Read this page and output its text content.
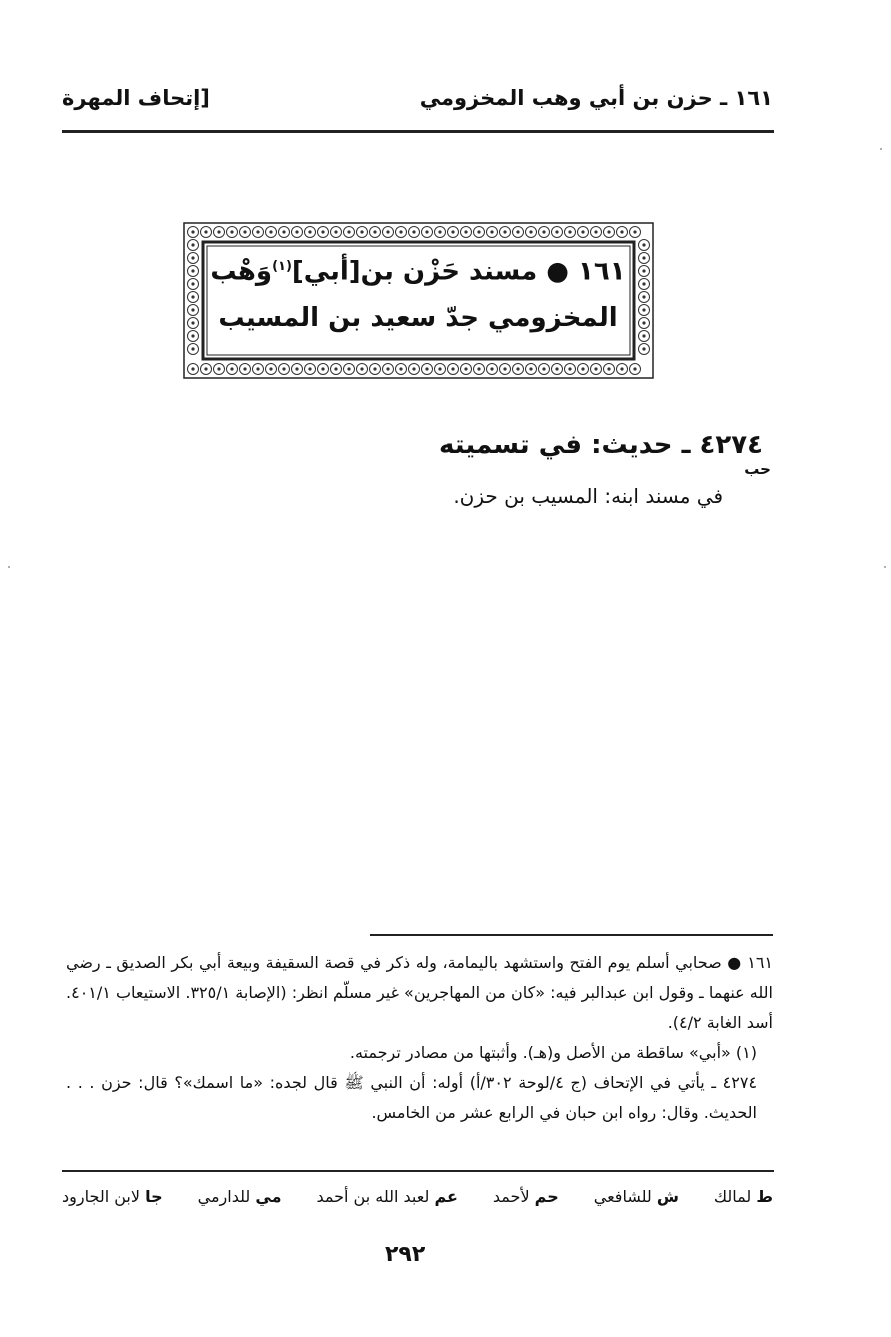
١٦١ ـ حزن بن أبي وهب المخزومي
[إتحاف المهرة
١٦١ ● مسند حَزْن بن[أبي]$^{(١)}$وَهْب
المخزومي جدّ سعيد بن المسيب
٤٢٧٤ ـ حديث: في تسميته
حب
في مسند ابنه: المسيب بن حزن.

١٦١ ● صحابي أسلم يوم الفتح واستشهد باليمامة، وله ذكر في قصة السقيفة وبيعة أبي بكر الصديق ـ رضي الله عنهما ـ وقول ابن عبدالبر فيه: «كان من المهاجرين» غير مسلّم انظر: (الإصابة ٣٢٥/١. الاستيعاب ٤٠١/١. أسد الغابة ٤/٢).

(١) «أبي» ساقطة من الأصل و(هـ). وأثبتها من مصادر ترجمته.

٤٢٧٤ ـ يأتي في الإتحاف (ج ٤/لوحة ٣٠٢/أ) أوله: أن النبي ﷺ قال لجده: «ما اسمك»؟ قال: حزن . . . الحديث. وقال: رواه ابن حبان في الرابع عشر من الخامس.

ط لمالك
ش للشافعي
حم لأحمد
عم لعبد الله بن أحمد
مي للدارمي
جا لابن الجارود
٢٩٢
